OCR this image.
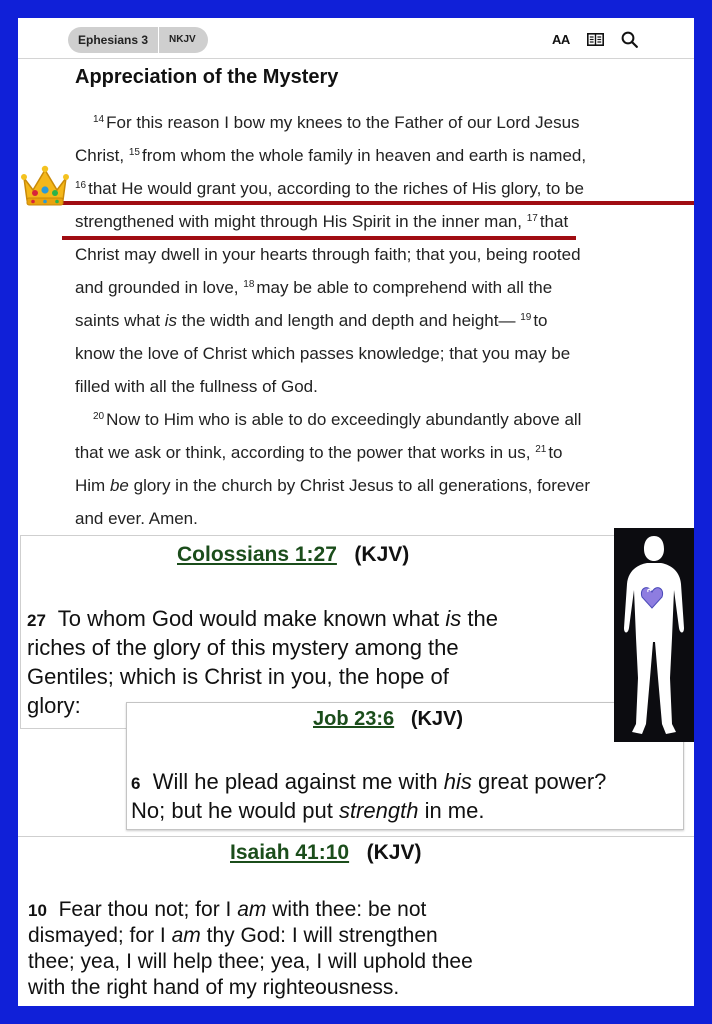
Ephesians 3	NKJV	AA
Appreciation of the Mystery
$^{14}$ For this reason I bow my knees to the Father of our Lord Jesus
Christ, $^{15}$ from whom the whole family in heaven and earth is named,
$^{16}$ that He would grant you, according to the riches of His glory, to be
strengthened with might through His Spirit in the inner man, $^{17}$ that
Christ may dwell in your hearts through faith; that you, being rooted
and grounded in love, $^{18}$ may be able to comprehend with all the
saints what is the width and length and depth and height— $^{19}$ to
know the love of Christ which passes knowledge; that you may be
filled with all the fullness of God.
$^{20}$ Now to Him who is able to do exceedingly abundantly above all
that we ask or think, according to the power that works in us, $^{21}$ to
Him be glory in the church by Christ Jesus to all generations, forever
and ever. Amen.
Colossians 1:27 (KJV)
27 To whom God would make known what is the
riches of the glory of this mystery among the
Gentiles; which is Christ in you, the hope of
glory:
Job 23:6 (KJV)
6 Will he plead against me with his great power?
No; but he would put strength in me.
Isaiah 41:10 (KJV)
10 Fear thou not; for I am with thee: be not
dismayed; for I am thy God: I will strengthen
thee; yea, I will help thee; yea, I will uphold thee
with the right hand of my righteousness.
